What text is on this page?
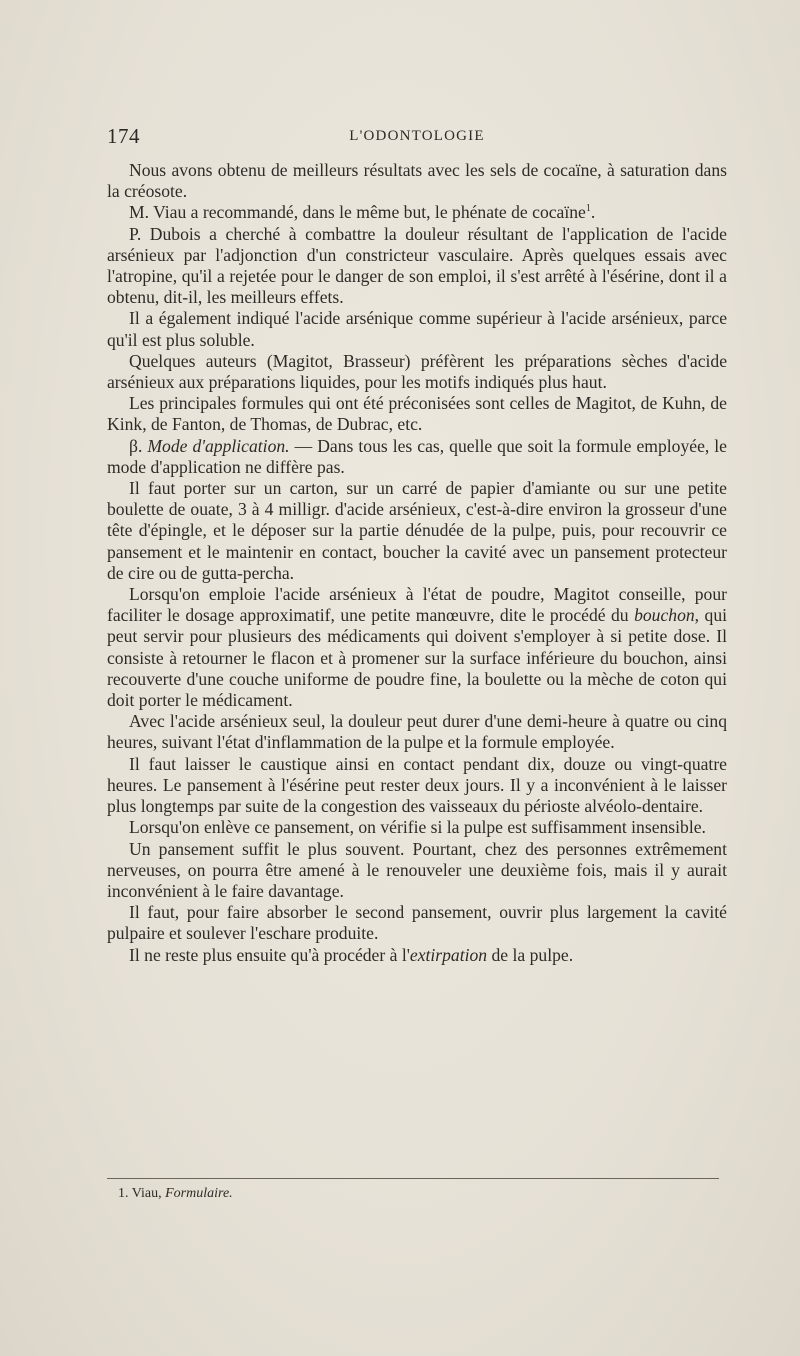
174	L'ODONTOLOGIE

Nous avons obtenu de meilleurs résultats avec les sels de cocaïne, à saturation dans la créosote.

M. Viau a recommandé, dans le même but, le phénate de cocaïne$^1$.

P. Dubois a cherché à combattre la douleur résultant de l'application de l'acide arsénieux par l'adjonction d'un constricteur vasculaire. Après quelques essais avec l'atropine, qu'il a rejetée pour le danger de son emploi, il s'est arrêté à l'ésérine, dont il a obtenu, dit-il, les meilleurs effets.

Il a également indiqué l'acide arsénique comme supérieur à l'acide arsénieux, parce qu'il est plus soluble.

Quelques auteurs (Magitot, Brasseur) préfèrent les préparations sèches d'acide arsénieux aux préparations liquides, pour les motifs indiqués plus haut.

Les principales formules qui ont été préconisées sont celles de Magitot, de Kuhn, de Kink, de Fanton, de Thomas, de Dubrac, etc.

β. Mode d'application. — Dans tous les cas, quelle que soit la formule employée, le mode d'application ne diffère pas.

Il faut porter sur un carton, sur un carré de papier d'amiante ou sur une petite boulette de ouate, 3 à 4 milligr. d'acide arsénieux, c'est-à-dire environ la grosseur d'une tête d'épingle, et le déposer sur la partie dénudée de la pulpe, puis, pour recouvrir ce pansement et le maintenir en contact, boucher la cavité avec un pansement protecteur de cire ou de gutta-percha.

Lorsqu'on emploie l'acide arsénieux à l'état de poudre, Magitot conseille, pour faciliter le dosage approximatif, une petite manœuvre, dite le procédé du bouchon, qui peut servir pour plusieurs des médicaments qui doivent s'employer à si petite dose. Il consiste à retourner le flacon et à promener sur la surface inférieure du bouchon, ainsi recouverte d'une couche uniforme de poudre fine, la boulette ou la mèche de coton qui doit porter le médicament.

Avec l'acide arsénieux seul, la douleur peut durer d'une demi-heure à quatre ou cinq heures, suivant l'état d'inflammation de la pulpe et la formule employée.

Il faut laisser le caustique ainsi en contact pendant dix, douze ou vingt-quatre heures. Le pansement à l'ésérine peut rester deux jours. Il y a inconvénient à le laisser plus longtemps par suite de la congestion des vaisseaux du périoste alvéolo-dentaire.

Lorsqu'on enlève ce pansement, on vérifie si la pulpe est suffisamment insensible.

Un pansement suffit le plus souvent. Pourtant, chez des personnes extrêmement nerveuses, on pourra être amené à le renouveler une deuxième fois, mais il y aurait inconvénient à le faire davantage.

Il faut, pour faire absorber le second pansement, ouvrir plus largement la cavité pulpaire et soulever l'eschare produite.

Il ne reste plus ensuite qu'à procéder à l'extirpation de la pulpe.

1. Viau, Formulaire.
